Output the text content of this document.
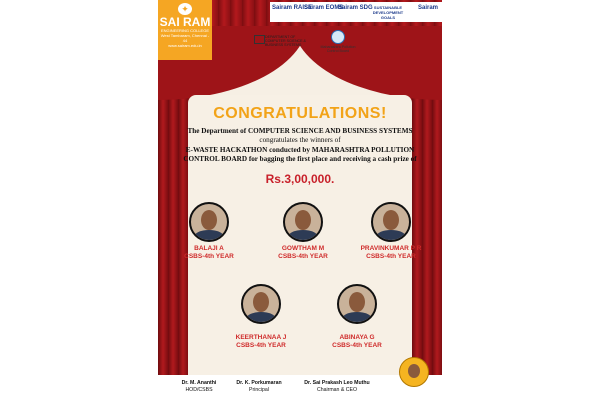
✦
SAI RAM
ENGINEERING COLLEGE
West Tambaram, Chennai - 44
www.sairam.edu.in
Sairam RAISE
Sairam EOMS
Sairam SDG SUSTAINABLE DEVELOPMENT GOALS
Sairam
DEPARTMENT OF
COMPUTER SCIENCE &
BUSINESS SYSTEMS	Maharashtra Pollution
Control Board
CONGRATULATIONS!
The Department of COMPUTER SCIENCE AND BUSINESS SYSTEMS
congratulates the winners of
E-WASTE HACKATHON conducted by MAHARASHTRA POLLUTION
CONTROL BOARD for bagging the first place and receiving a cash prize of
Rs.3,00,000.
BALAJI A
CSBS-4th YEAR
GOWTHAM M
CSBS-4th YEAR
PRAVINKUMAR P R
CSBS-4th YEAR
KEERTHANAA J
CSBS-4th YEAR
ABINAYA G
CSBS-4th YEAR
Dr. M. Ananthi
HOD/CSBS
Dr. K. Porkumaran
Principal
Dr. Sai Prakash Leo Muthu
Chairman & CEO
